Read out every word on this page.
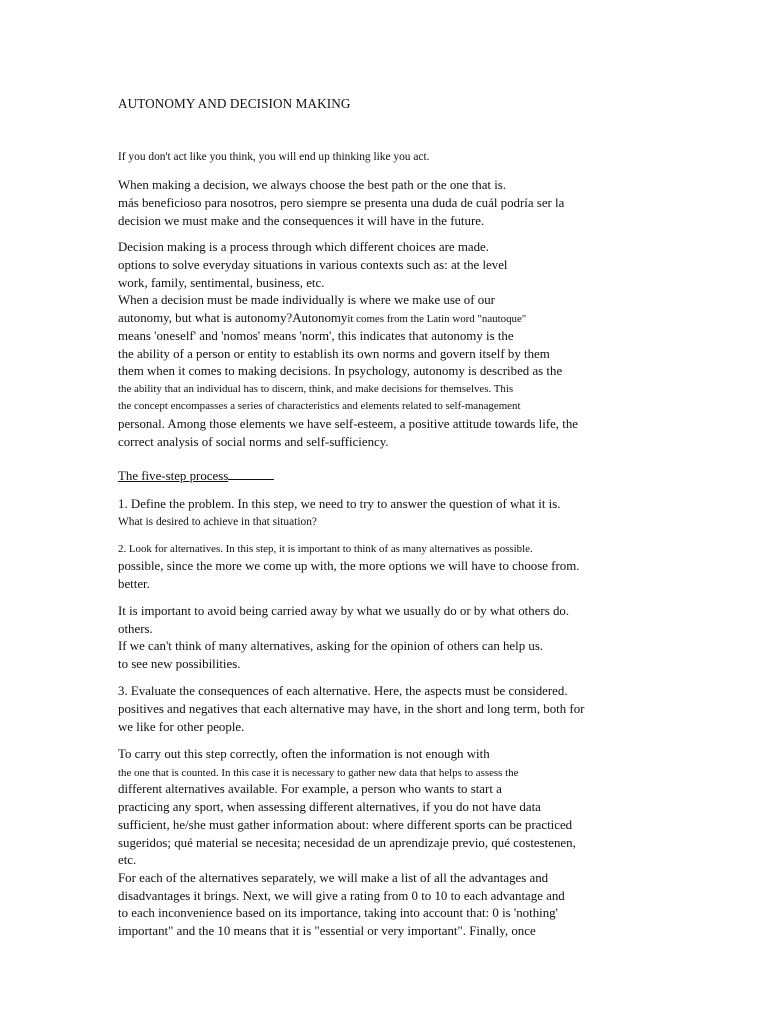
AUTONOMY AND DECISION MAKING
If you don't act like you think, you will end up thinking like you act.
When making a decision, we always choose the best path or the one that is.
más beneficioso para nosotros, pero siempre se presenta una duda de cuál podría ser la
decision we must make and the consequences it will have in the future.
Decision making is a process through which different choices are made.
options to solve everyday situations in various contexts such as: at the level
work, family, sentimental, business, etc.
When a decision must be made individually is where we make use of our
autonomy, but what is autonomy?Autonomyit comes from the Latin word "nautoque"
means 'oneself' and 'nomos' means 'norm', this indicates that autonomy is the
the ability of a person or entity to establish its own norms and govern itself by them
them when it comes to making decisions. In psychology, autonomy is described as the
the ability that an individual has to discern, think, and make decisions for themselves. This
the concept encompasses a series of characteristics and elements related to self-management
personal. Among those elements we have self-esteem, a positive attitude towards life, the
correct analysis of social norms and self-sufficiency.
The five-step process
1. Define the problem. In this step, we need to try to answer the question of what it is.
What is desired to achieve in that situation?
2. Look for alternatives. In this step, it is important to think of as many alternatives as possible.
possible, since the more we come up with, the more options we will have to choose from.
better.
It is important to avoid being carried away by what we usually do or by what others do.
others.
If we can't think of many alternatives, asking for the opinion of others can help us.
to see new possibilities.
3. Evaluate the consequences of each alternative. Here, the aspects must be considered.
positives and negatives that each alternative may have, in the short and long term, both for
we like for other people.
To carry out this step correctly, often the information is not enough with
the one that is counted. In this case it is necessary to gather new data that helps to assess the
different alternatives available. For example, a person who wants to start a
practicing any sport, when assessing different alternatives, if you do not have data
sufficient, he/she must gather information about: where different sports can be practiced
sugeridos; qué material se necesita; necesidad de un aprendizaje previo, qué costestenen,
etc.
For each of the alternatives separately, we will make a list of all the advantages and
disadvantages it brings. Next, we will give a rating from 0 to 10 to each advantage and
to each inconvenience based on its importance, taking into account that: 0 is 'nothing'
important" and the 10 means that it is "essential or very important". Finally, once
